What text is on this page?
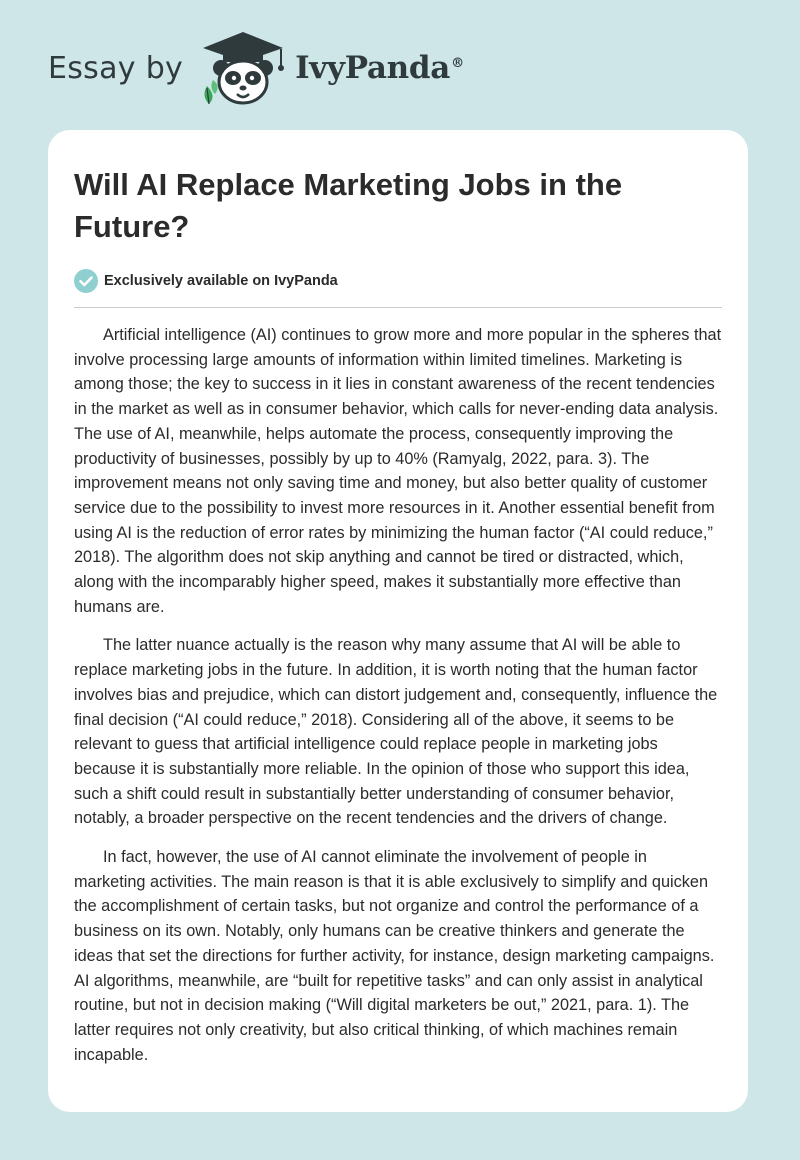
Essay by	IvyPanda®
Will AI Replace Marketing Jobs in the Future?
Exclusively available on IvyPanda

Artificial intelligence (AI) continues to grow more and more popular in the spheres that involve processing large amounts of information within limited timelines. Marketing is among those; the key to success in it lies in constant awareness of the recent tendencies in the market as well as in consumer behavior, which calls for never-ending data analysis. The use of AI, meanwhile, helps automate the process, consequently improving the productivity of businesses, possibly by up to 40% (Ramyalg, 2022, para. 3). The improvement means not only saving time and money, but also better quality of customer service due to the possibility to invest more resources in it. Another essential benefit from using AI is the reduction of error rates by minimizing the human factor (“AI could reduce,” 2018). The algorithm does not skip anything and cannot be tired or distracted, which, along with the incomparably higher speed, makes it substantially more effective than humans are.

The latter nuance actually is the reason why many assume that AI will be able to replace marketing jobs in the future. In addition, it is worth noting that the human factor involves bias and prejudice, which can distort judgement and, consequently, influence the final decision (“AI could reduce,” 2018). Considering all of the above, it seems to be relevant to guess that artificial intelligence could replace people in marketing jobs because it is substantially more reliable. In the opinion of those who support this idea, such a shift could result in substantially better understanding of consumer behavior, notably, a broader perspective on the recent tendencies and the drivers of change.

In fact, however, the use of AI cannot eliminate the involvement of people in marketing activities. The main reason is that it is able exclusively to simplify and quicken the accomplishment of certain tasks, but not organize and control the performance of a business on its own. Notably, only humans can be creative thinkers and generate the ideas that set the directions for further activity, for instance, design marketing campaigns. AI algorithms, meanwhile, are “built for repetitive tasks” and can only assist in analytical routine, but not in decision making (“Will digital marketers be out,” 2021, para. 1). The latter requires not only creativity, but also critical thinking, of which machines remain incapable.
